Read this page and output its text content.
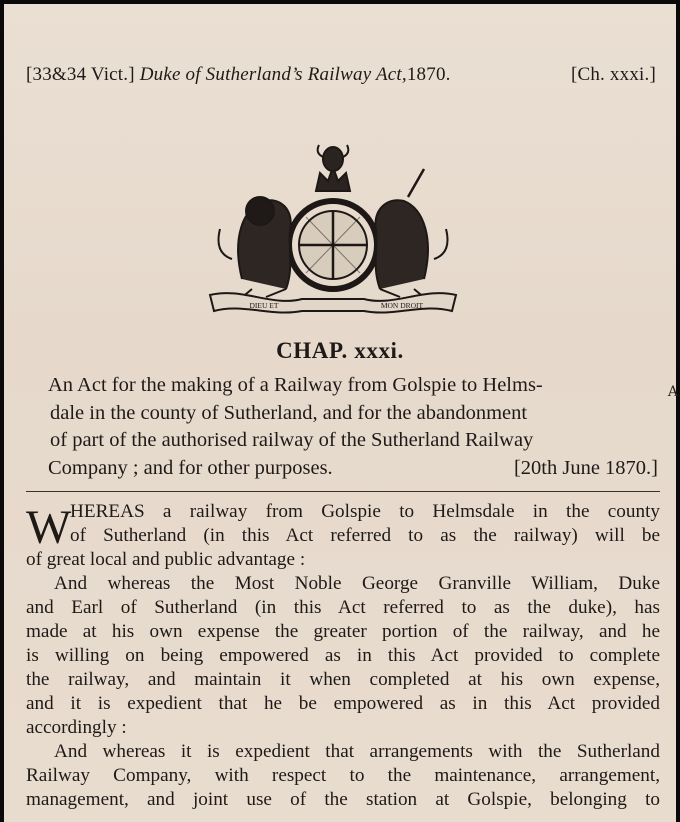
[33&34 Vict.] Duke of Sutherland’s Railway Act,1870.	[Ch. xxxi.]
DIEU ET	MON DROIT
CHAP. xxxi.
An Act for the making of a Railway from Golspie to Helms-
dale in the county of Sutherland, and for the abandonment
of part of the authorised railway of the Sutherland Railway
Company ; and for other purposes.	[20th June 1870.]
A
W
HEREAS a railway from Golspie to Helmsdale in the county
of Sutherland (in this Act referred to as the railway) will be
of great local and public advantage :
And whereas the Most Noble George Granville William, Duke
and Earl of Sutherland (in this Act referred to as the duke), has
made at his own expense the greater portion of the railway, and he
is willing on being empowered as in this Act provided to complete
the railway, and maintain it when completed at his own expense,
and it is expedient that he be empowered as in this Act provided
accordingly :
And whereas it is expedient that arrangements with the Sutherland
Railway Company, with respect to the maintenance, arrangement,
management, and joint use of the station at Golspie, belonging to
